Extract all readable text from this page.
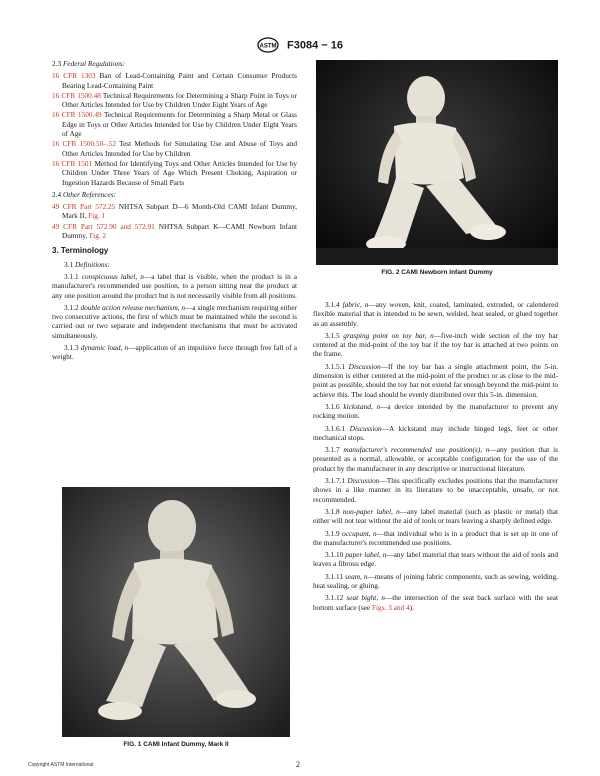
ASTM F3084 − 16

2.3 Federal Regulations:

16 CFR 1303 Ban of Lead-Containing Paint and Certain Consumer Products Bearing Lead-Containing Paint

16 CFR 1500.48 Technical Requirements for Determining a Sharp Point in Toys or Other Articles Intended for Use by Children Under Eight Years of Age

16 CFR 1500.49 Technical Requirements for Determining a Sharp Metal or Glass Edge in Toys or Other Articles Intended for Use by Children Under Eight Years of Age

16 CFR 1500.50–.52 Test Methods for Simulating Use and Abuse of Toys and Other Articles Intended for Use by Children

16 CFR 1501 Method for Identifying Toys and Other Articles Intended for Use by Children Under Three Years of Age Which Present Choking, Aspiration or Ingestion Hazards Because of Small Parts

2.4 Other References:

49 CFR Part 572.25 NHTSA Subpart D—6 Month-Old CAMI Infant Dummy, Mark II, Fig. 1

49 CFR Part 572.90 and 572.91 NHTSA Subpart K—CAMI Newborn Infant Dummy, Fig. 2

3. Terminology

3.1 Definitions:

3.1.1 conspicuous label, n—a label that is visible, when the product is in a manufacturer's recommended use position, to a person sitting near the product at any one position around the product but is not necessarily visible from all positions.

3.1.2 double action release mechanism, n—a single mechanism requiring either two consecutive actions, the first of which must be maintained while the second is carried out or two separate and independent mechanisms that must be activated simultaneously.

3.1.3 dynamic load, n—application of an impulsive force through free fall of a weight.

FIG. 2 CAMI Newborn Infant Dummy
FIG. 1 CAMI Infant Dummy, Mark II

3.1.4 fabric, n—any woven, knit, coated, laminated, extruded, or calendered flexible material that is intended to be sewn, welded, heat sealed, or glued together as an assembly.

3.1.5 grasping point on toy bar, n—five-inch wide section of the toy bar centered at the mid-point of the toy bar if the toy bar is attached at two points on the frame.

3.1.5.1 Discussion—If the toy bar has a single attachment point, the 5-in. dimension is either centered at the mid-point of the product or as close to the mid-point as possible, should the toy bar not extend far enough beyond the mid-point to achieve this. The load should be evenly distributed over this 5-in. dimension.

3.1.6 kickstand, n—a device intended by the manufacturer to prevent any rocking motion.

3.1.6.1 Discussion—A kickstand may include hinged legs, feet or other mechanical stops.

3.1.7 manufacturer's recommended use position(s), n—any position that is presented as a normal, allowable, or acceptable configuration for the use of the product by the manufacturer in any descriptive or instructional literature.

3.1.7.1 Discussion—This specifically excludes positions that the manufacturer shows in a like manner in its literature to be unacceptable, unsafe, or not recommended.

3.1.8 non-paper label, n—any label material (such as plastic or metal) that either will not tear without the aid of tools or tears leaving a sharply defined edge.

3.1.9 occupant, n—that individual who is in a product that is set up in one of the manufacturer's recommended use positions.

3.1.10 paper label, n—any label material that tears without the aid of tools and leaves a fibrous edge.

3.1.11 seam, n—means of joining fabric components, such as sewing, welding, heat sealing, or gluing.

3.1.12 seat bight, n—the intersection of the seat back surface with the seat bottom surface (see Figs. 3 and 4).

Copyright ASTM International	2
